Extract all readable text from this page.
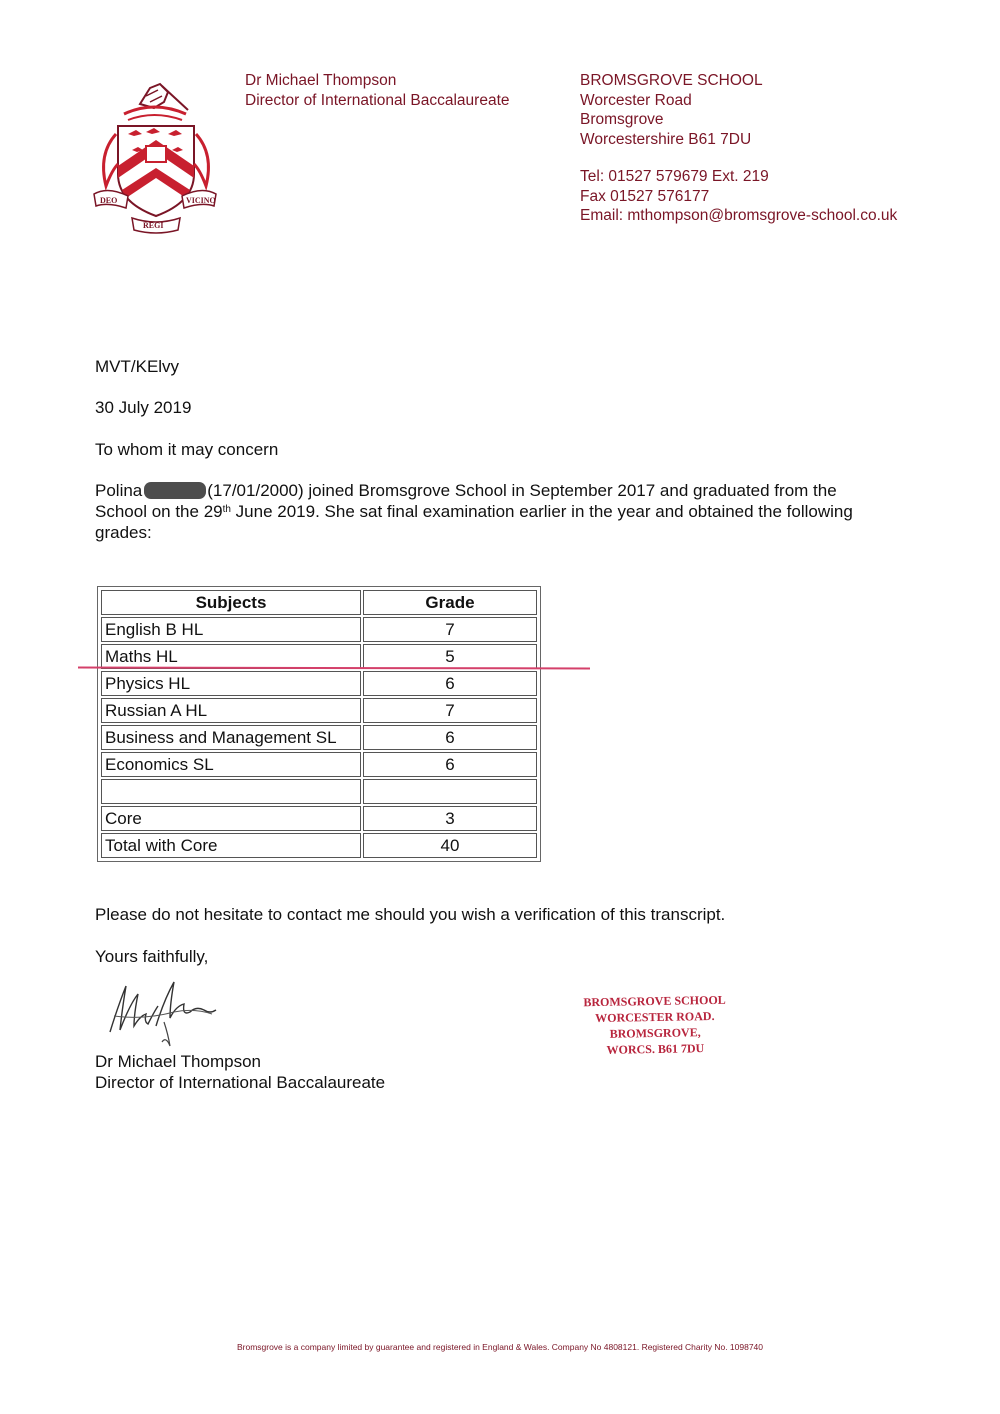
DEO	VICINO
REGI
Dr Michael Thompson
Director of International Baccalaureate
BROMSGROVE SCHOOL
Worcester Road
Bromsgrove
Worcestershire B61 7DU
Tel: 01527 579679 Ext. 219
Fax 01527 576177
Email: mthompson@bromsgrove-school.co.uk
MVT/KElvy
30 July 2019
To whom it may concern
Polina	(17/01/2000) joined Bromsgrove School in September 2017 and graduated from the
School on the 29th June 2019. She sat final examination earlier in the year and obtained the following
grades:
Subjects	Grade
English B HL	7
Maths HL	5
Physics HL	6
Russian A HL	7
Business and Management SL	6
Economics SL	6

Core	3
Total with Core	40
Please do not hesitate to contact me should you wish a verification of this transcript.
Yours faithfully,
Dr Michael Thompson
Director of International Baccalaureate
BROMSGROVE SCHOOL
WORCESTER ROAD.
BROMSGROVE,
WORCS. B61 7DU
Bromsgrove is a company limited by guarantee and registered in England & Wales. Company No 4808121. Registered Charity No. 1098740
